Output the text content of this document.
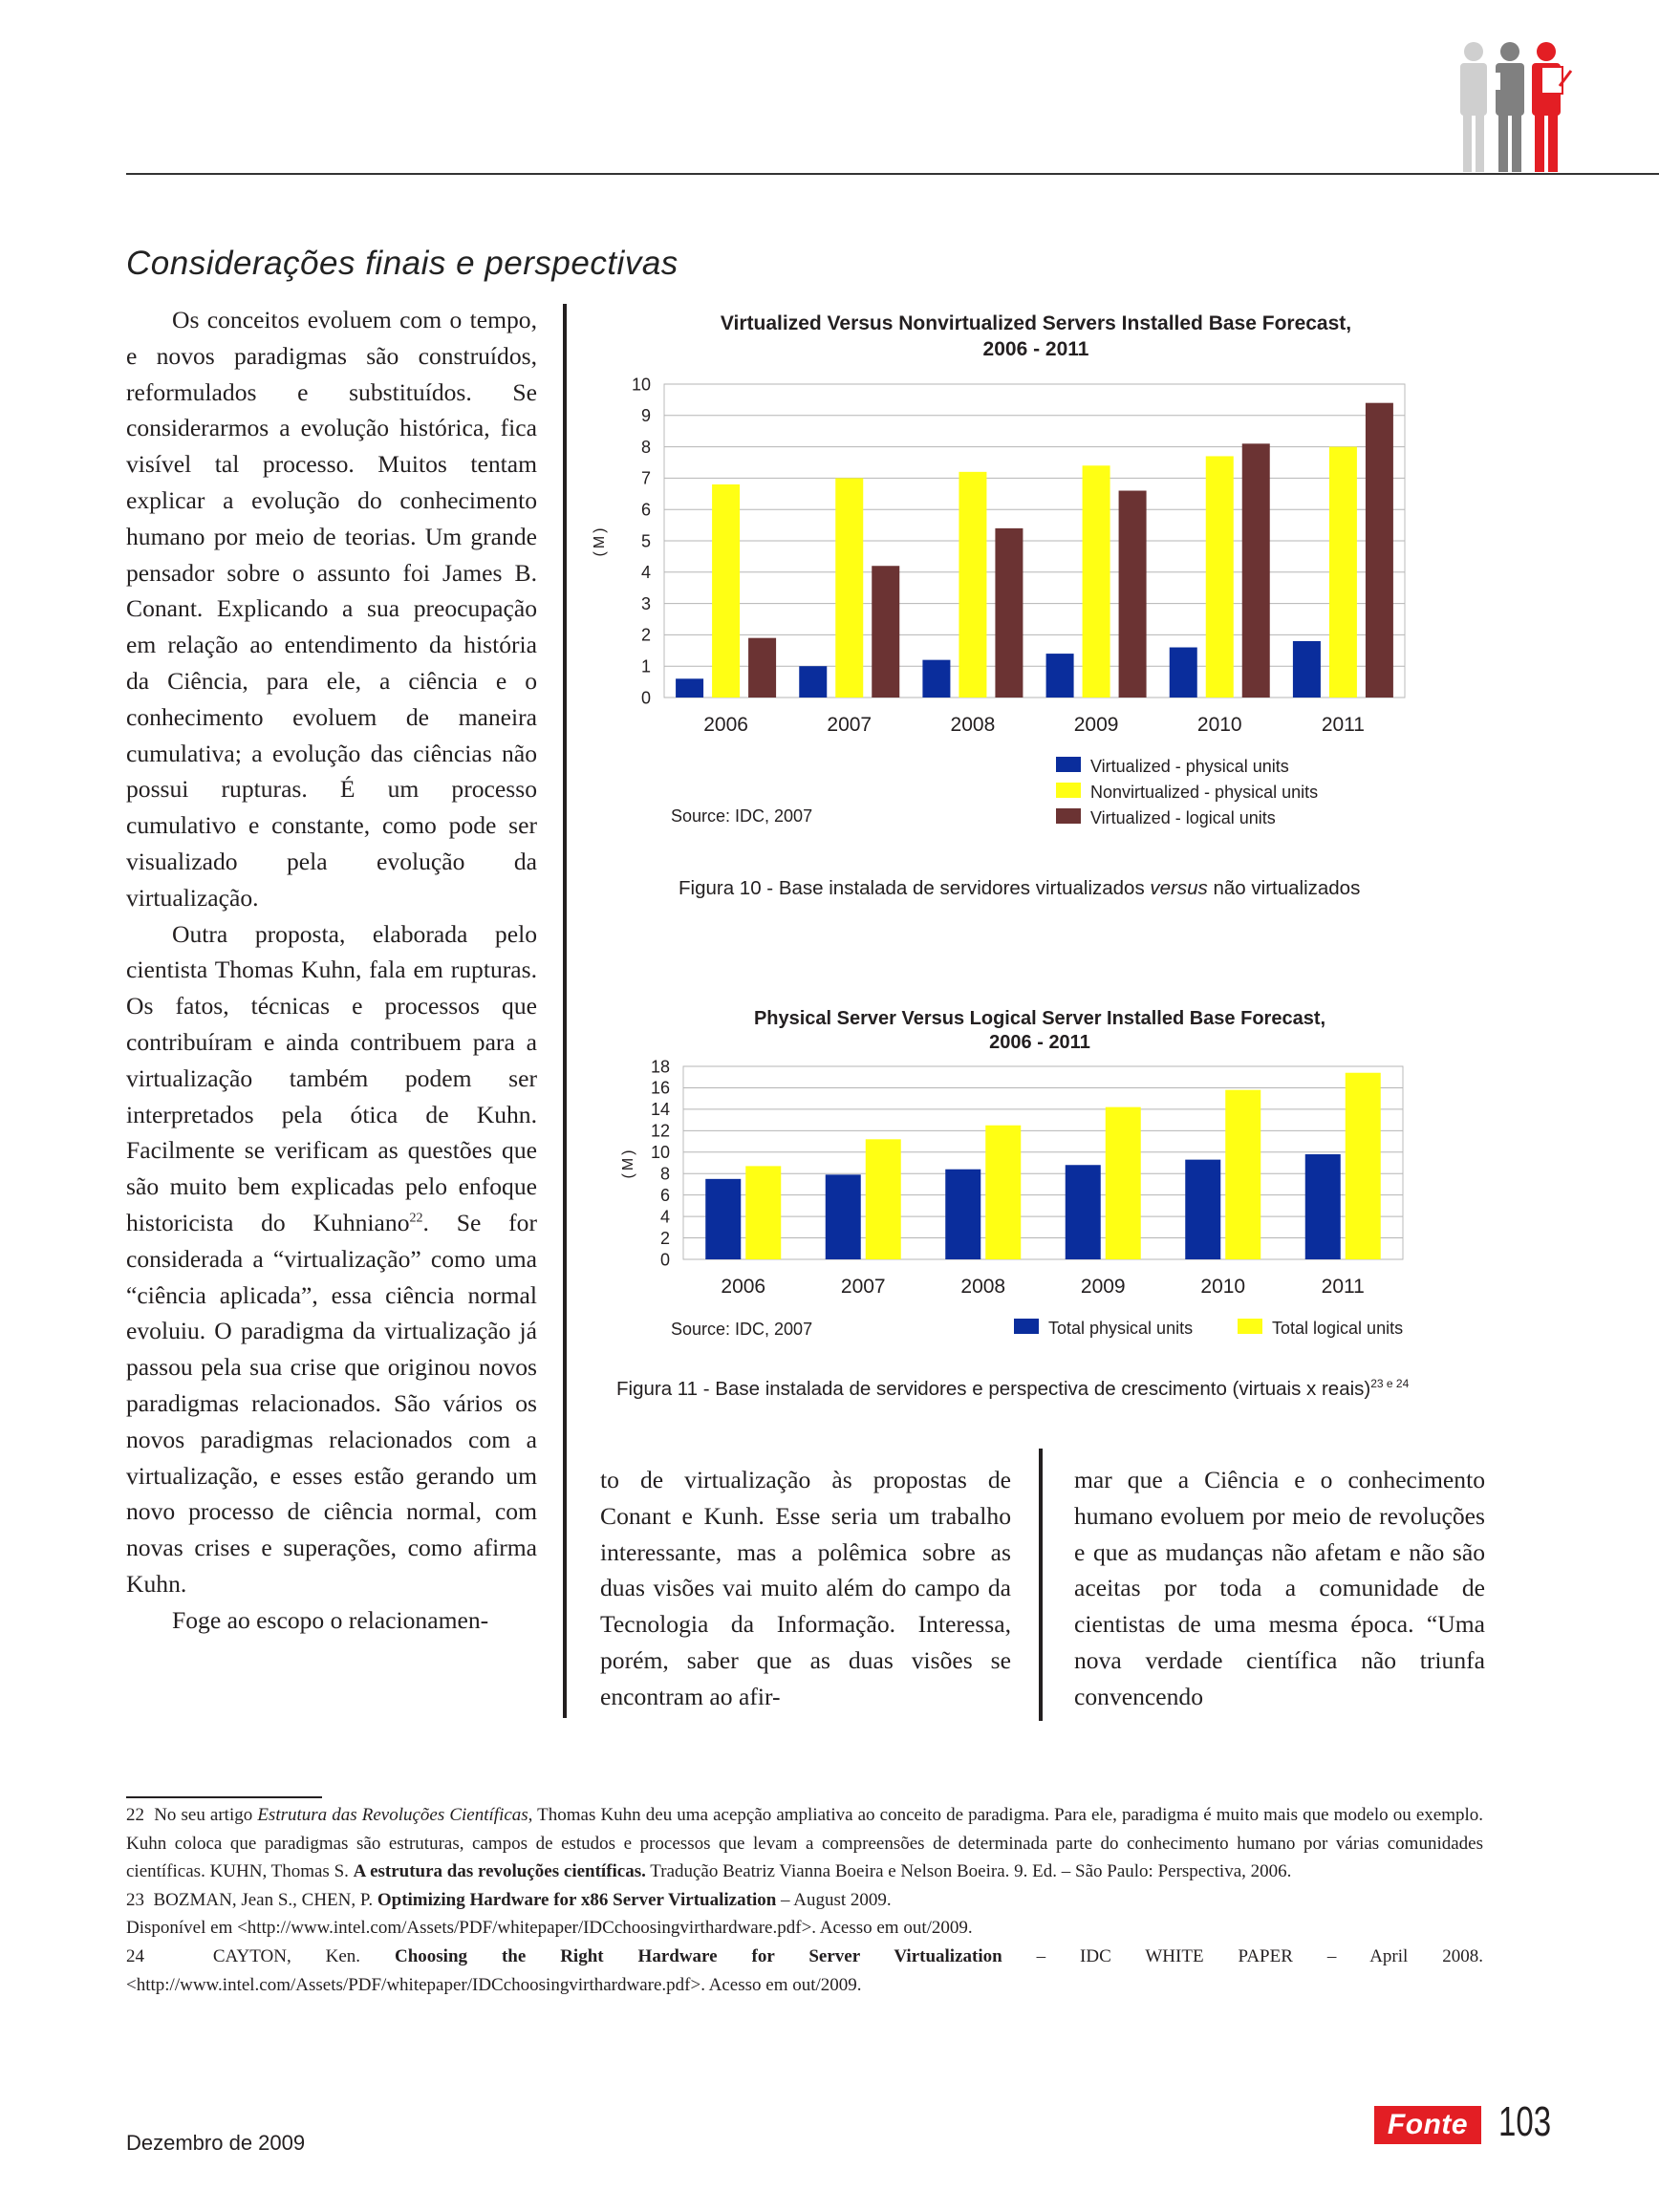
Considerações finais e perspectivas

Os conceitos evoluem com o tempo, e novos paradigmas são construídos, reformulados e substituídos. Se considerarmos a evolução histórica, fica visível tal processo. Muitos tentam explicar a evolução do conhecimento humano por meio de teorias. Um grande pensador sobre o assunto foi James B. Conant. Explicando a sua preocupação em relação ao entendimento da história da Ciência, para ele, a ciência e o conhecimento evoluem de maneira cumulativa; a evolução das ciências não possui rupturas. É um processo cumulativo e constante, como pode ser visualizado pela evolução da virtualização.

Outra proposta, elaborada pelo cientista Thomas Kuhn, fala em rupturas. Os fatos, técnicas e processos que contribuíram e ainda contribuem para a virtualização também podem ser interpretados pela ótica de Kuhn. Facilmente se verificam as questões que são muito bem explicadas pelo enfoque historicista do Kuhniano$^{22}$. Se for considerada a “virtualização” como uma “ciência aplicada”, essa ciência normal evoluiu. O paradigma da virtualização já passou pela sua crise que originou novos paradigmas relacionados. São vários os novos paradigmas relacionados com a virtualização, e esses estão gerando um novo processo de ciência normal, com novas crises e superações, como afirma Kuhn.

Foge ao escopo o relacionamen-

Virtualized Versus Nonvirtualized Servers Installed Base Forecast,
2006 - 2011
0
1
2
3
4
5
6
7
8
9
10
(M)
2006	2007	2008	2009	2010	2011
Source: IDC, 2007
Virtualized - physical units
Nonvirtualized - physical units
Virtualized - logical units
Figura 10 - Base instalada de servidores virtualizados versus não virtualizados
Physical Server Versus Logical Server Installed Base Forecast,
2006 - 2011
0
2
4
6
8
10
12
14
16
18
(M)
2006	2007	2008	2009	2010	2011
Source: IDC, 2007	Total physical units	Total logical units
Figura 11 - Base instalada de servidores e perspectiva de crescimento (virtuais x reais)$^{23 e 24}$

to de virtualização às propostas de Conant e Kunh. Esse seria um trabalho interessante, mas a polêmica sobre as duas visões vai muito além do campo da Tecnologia da Informação. Interessa, porém, saber que as duas visões se encontram ao afir-

mar que a Ciência e o conhecimento humano evoluem por meio de revoluções e que as mudanças não afetam e não são aceitas por toda a comunidade de cientistas de uma mesma época. “Uma nova verdade científica não triunfa convencendo

22 No seu artigo Estrutura das Revoluções Científicas, Thomas Kuhn deu uma acepção ampliativa ao conceito de paradigma. Para ele, paradigma é muito mais que modelo ou exemplo. Kuhn coloca que paradigmas são estruturas, campos de estudos e processos que levam a compreensões de determinada parte do conhecimento humano por várias comunidades científicas. KUHN, Thomas S. A estrutura das revoluções científicas. Tradução Beatriz Vianna Boeira e Nelson Boeira. 9. Ed. – São Paulo: Perspectiva, 2006.

23 BOZMAN, Jean S., CHEN, P. Optimizing Hardware for x86 Server Virtualization – August 2009.

Disponível em <http://www.intel.com/Assets/PDF/whitepaper/IDCchoosingvirthardware.pdf>. Acesso em out/2009.

24	CAYTON, Ken. Choosing the Right Hardware for Server Virtualization – IDC WHITE PAPER – April 2008. <http://www.intel.com/Assets/PDF/whitepaper/IDCchoosingvirthardware.pdf>. Acesso em out/2009.

Dezembro de 2009
Fonte 103
